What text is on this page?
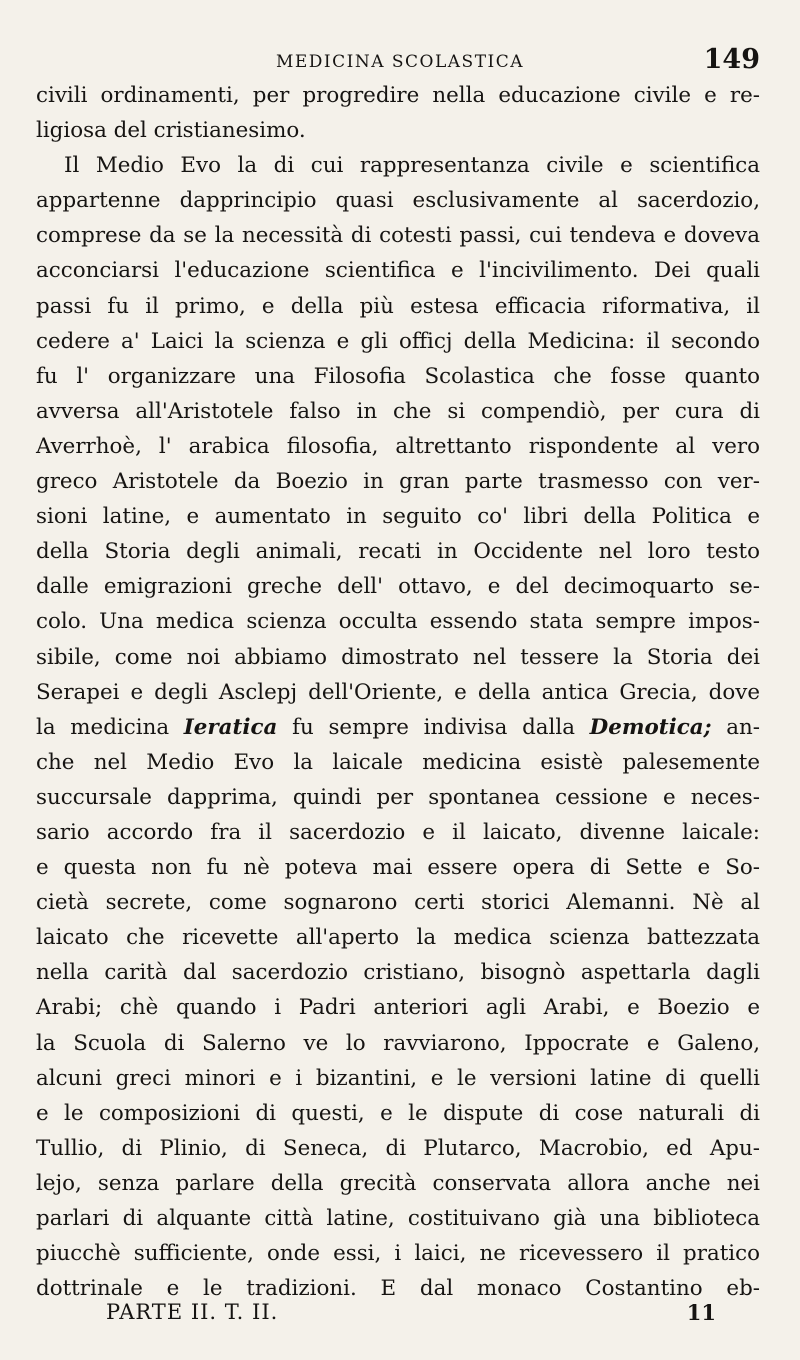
MEDICINA SCOLASTICA	149
civili ordinamenti, per progredire nella educazione civile e re-
ligiosa del cristianesimo.
Il Medio Evo la di cui rappresentanza civile e scientifica
appartenne dapprincipio quasi esclusivamente al sacerdozio,
comprese da se la necessità di cotesti passi, cui tendeva e doveva
acconciarsi l'educazione scientifica e l'incivilimento. Dei quali
passi fu il primo, e della più estesa efficacia riformativa, il
cedere a' Laici la scienza e gli officj della Medicina: il secondo
fu l' organizzare una Filosofia Scolastica che fosse quanto
avversa all'Aristotele falso in che si compendiò, per cura di
Averrhoè, l' arabica filosofia, altrettanto rispondente al vero
greco Aristotele da Boezio in gran parte trasmesso con ver-
sioni latine, e aumentato in seguito co' libri della Politica e
della Storia degli animali, recati in Occidente nel loro testo
dalle emigrazioni greche dell' ottavo, e del decimoquarto se-
colo. Una medica scienza occulta essendo stata sempre impos-
sibile, come noi abbiamo dimostrato nel tessere la Storia dei
Serapei e degli Asclepj dell'Oriente, e della antica Grecia, dove
la medicina Ieratica fu sempre indivisa dalla Demotica; an-
che nel Medio Evo la laicale medicina esistè palesemente
succursale dapprima, quindi per spontanea cessione e neces-
sario accordo fra il sacerdozio e il laicato, divenne laicale:
e questa non fu nè poteva mai essere opera di Sette e So-
cietà secrete, come sognarono certi storici Alemanni. Nè al
laicato che ricevette all'aperto la medica scienza battezzata
nella carità dal sacerdozio cristiano, bisognò aspettarla dagli
Arabi; chè quando i Padri anteriori agli Arabi, e Boezio e
la Scuola di Salerno ve lo ravviarono, Ippocrate e Galeno,
alcuni greci minori e i bizantini, e le versioni latine di quelli
e le composizioni di questi, e le dispute di cose naturali di
Tullio, di Plinio, di Seneca, di Plutarco, Macrobio, ed Apu-
lejo, senza parlare della grecità conservata allora anche nei
parlari di alquante città latine, costituivano già una biblioteca
piucchè sufficiente, onde essi, i laici, ne ricevessero il pratico
dottrinale e le tradizioni. E dal monaco Costantino eb-
PARTE II. T. II.	11
